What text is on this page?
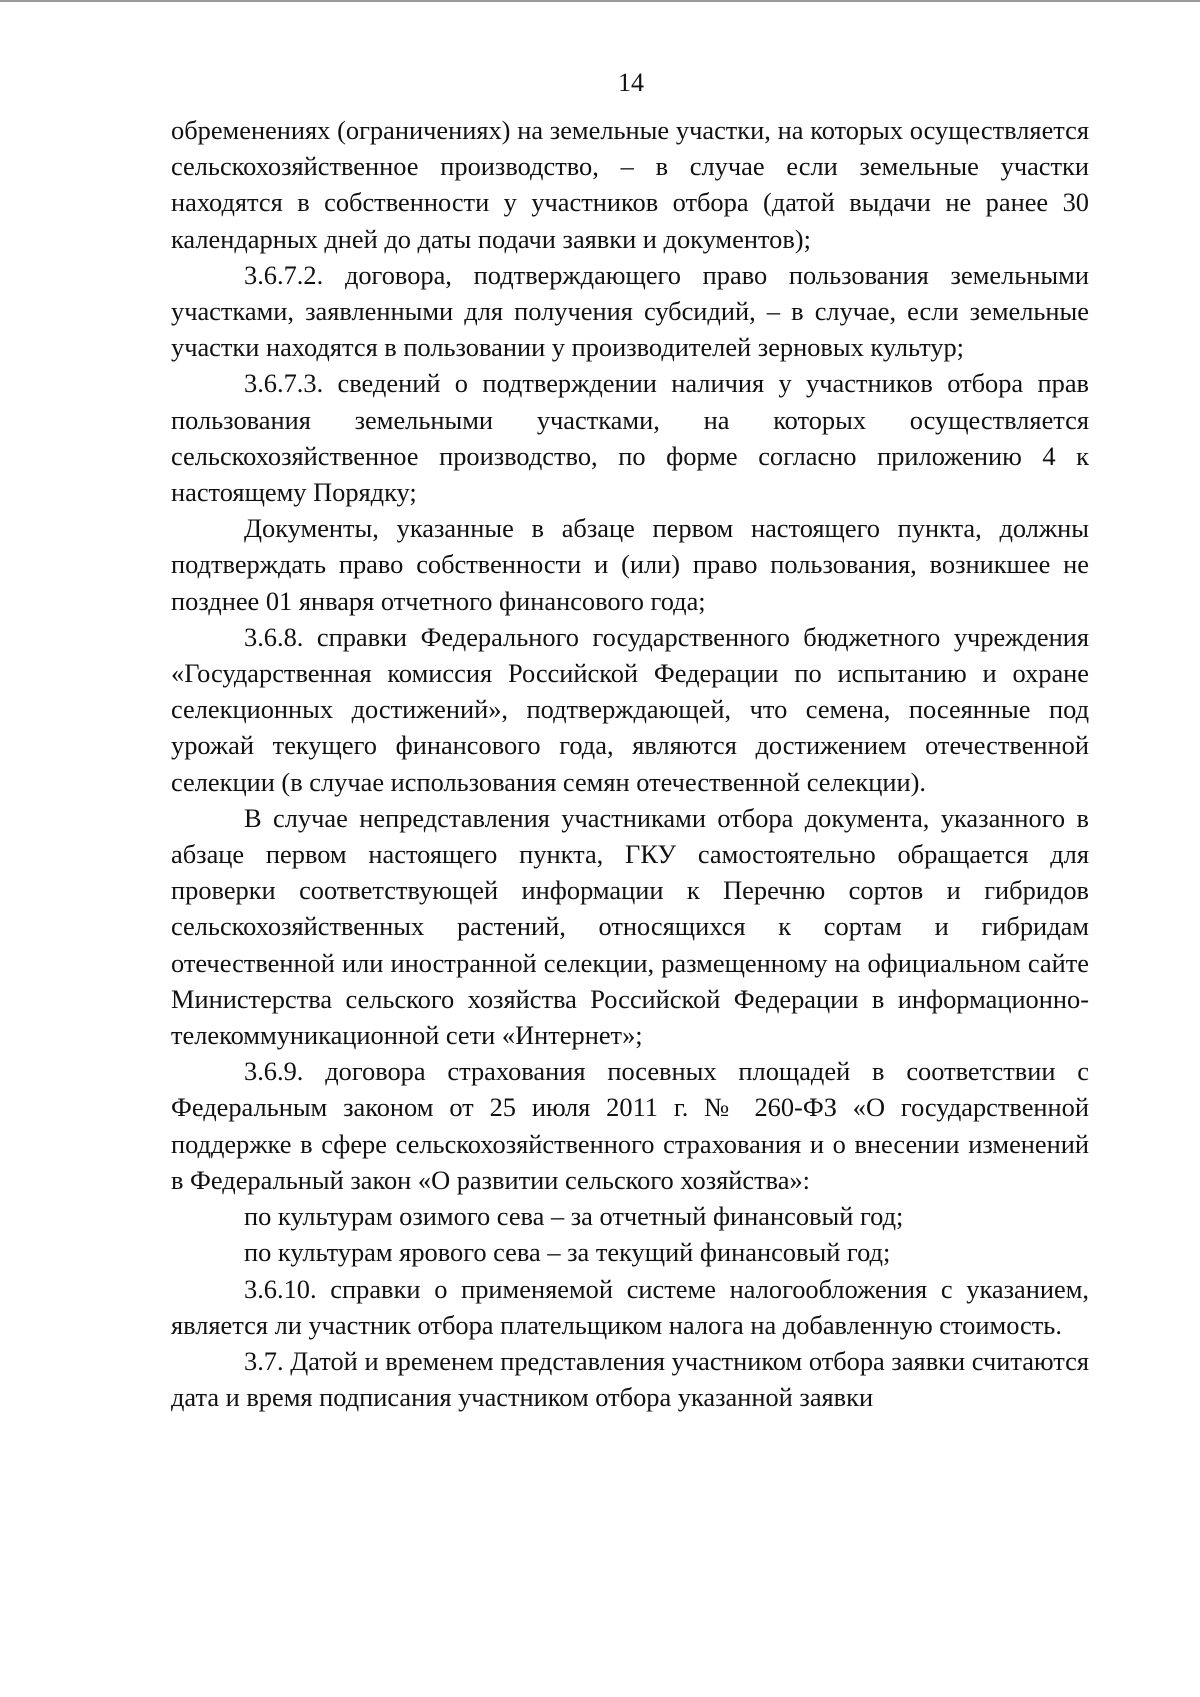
14

обременениях (ограничениях) на земельные участки, на которых осуществляется сельскохозяйственное производство, – в случае если земельные участки находятся в собственности у участников отбора (датой выдачи не ранее 30 календарных дней до даты подачи заявки и документов);

3.6.7.2. договора, подтверждающего право пользования земельными участками, заявленными для получения субсидий, – в случае, если земельные участки находятся в пользовании у производителей зерновых культур;

3.6.7.3. сведений о подтверждении наличия у участников отбора прав пользования земельными участками, на которых осуществляется сельскохозяйственное производство, по форме согласно приложению 4 к настоящему Порядку;

Документы, указанные в абзаце первом настоящего пункта, должны подтверждать право собственности и (или) право пользования, возникшее не позднее 01 января отчетного финансового года;

3.6.8. справки Федерального государственного бюджетного учреждения «Государственная комиссия Российской Федерации по испытанию и охране селекционных достижений», подтверждающей, что семена, посеянные под урожай текущего финансового года, являются достижением отечественной селекции (в случае использования семян отечественной селекции).

В случае непредставления участниками отбора документа, указанного в абзаце первом настоящего пункта, ГКУ самостоятельно обращается для проверки соответствующей информации к Перечню сортов и гибридов сельскохозяйственных растений, относящихся к сортам и гибридам отечественной или иностранной селекции, размещенному на официальном сайте Министерства сельского хозяйства Российской Федерации в информационно-телекоммуникационной сети «Интернет»;

3.6.9. договора страхования посевных площадей в соответствии с Федеральным законом от 25 июля 2011 г. № 260-ФЗ «О государственной поддержке в сфере сельскохозяйственного страхования и о внесении изменений в Федеральный закон «О развитии сельского хозяйства»:

по культурам озимого сева – за отчетный финансовый год;

по культурам ярового сева – за текущий финансовый год;

3.6.10. справки о применяемой системе налогообложения с указанием, является ли участник отбора плательщиком налога на добавленную стоимость.

3.7. Датой и временем представления участником отбора заявки считаются дата и время подписания участником отбора указанной заявки
